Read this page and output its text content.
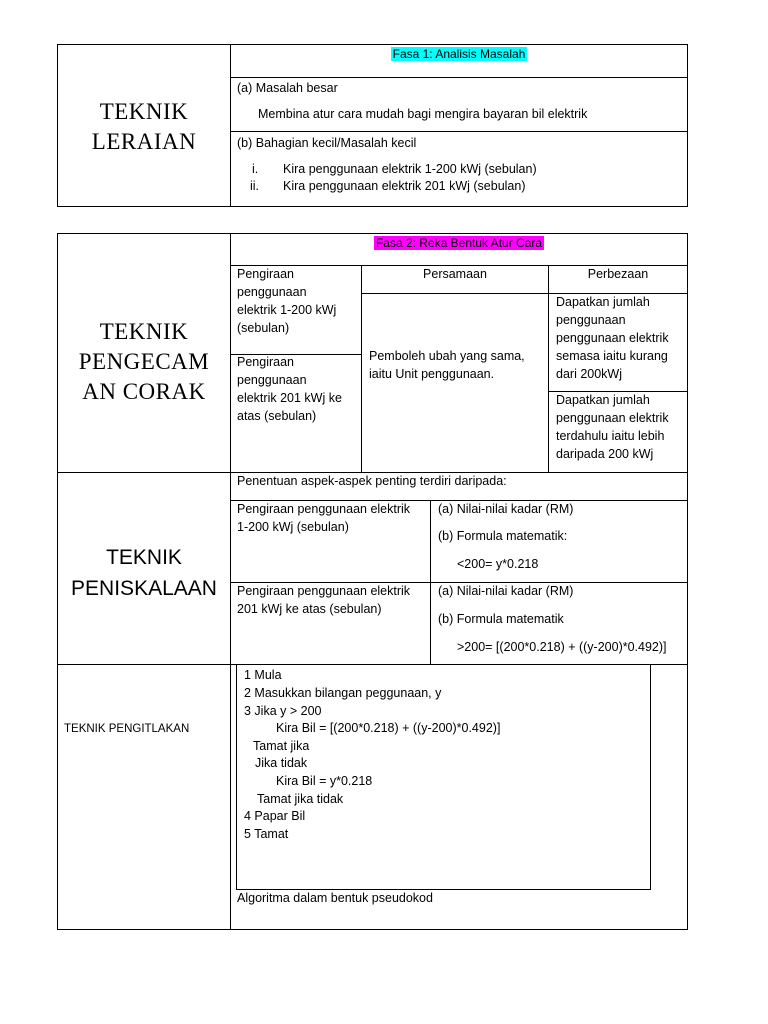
TEKNIK
LERAIAN
Fasa 1: Analisis Masalah
(a) Masalah besar
Membina atur cara mudah bagi mengira bayaran bil elektrik
(b) Bahagian kecil/Masalah kecil
i. Kira penggunaan elektrik 1-200 kWj (sebulan)
ii. Kira penggunaan elektrik 201 kWj (sebulan)
Fasa 2: Reka Bentuk Atur Cara
TEKNIK
PENGECAM
AN CORAK
Persamaan	Perbezaan
Pengiraan
penggunaan
elektrik 1-200 kWj
(sebulan)
Pengiraan
penggunaan
elektrik 201 kWj ke
atas (sebulan)
Pemboleh ubah yang sama,
iaitu Unit penggunaan.
Dapatkan jumlah
penggunaan
penggunaan elektrik
semasa iaitu kurang
dari 200kWj
Dapatkan jumlah
penggunaan elektrik
terdahulu iaitu lebih
daripada 200 kWj
TEKNIK
PENISKALAAN
Penentuan aspek-aspek penting terdiri daripada:
Pengiraan penggunaan elektrik
1-200 kWj (sebulan)
(a) Nilai-nilai kadar (RM)
(b) Formula matematik:
<200= y*0.218
Pengiraan penggunaan elektrik
201 kWj ke atas (sebulan)
(a) Nilai-nilai kadar (RM)
(b) Formula matematik
>200= [(200*0.218) + ((y-200)*0.492)]
TEKNIK PENGITLAKAN
1 Mula
2 Masukkan bilangan peggunaan, y
3 Jika y > 200
Kira Bil = [(200*0.218) + ((y-200)*0.492)]
Tamat jika
Jika tidak
Kira Bil = y*0.218
Tamat jika tidak
4 Papar Bil
5 Tamat
Algoritma dalam bentuk pseudokod
